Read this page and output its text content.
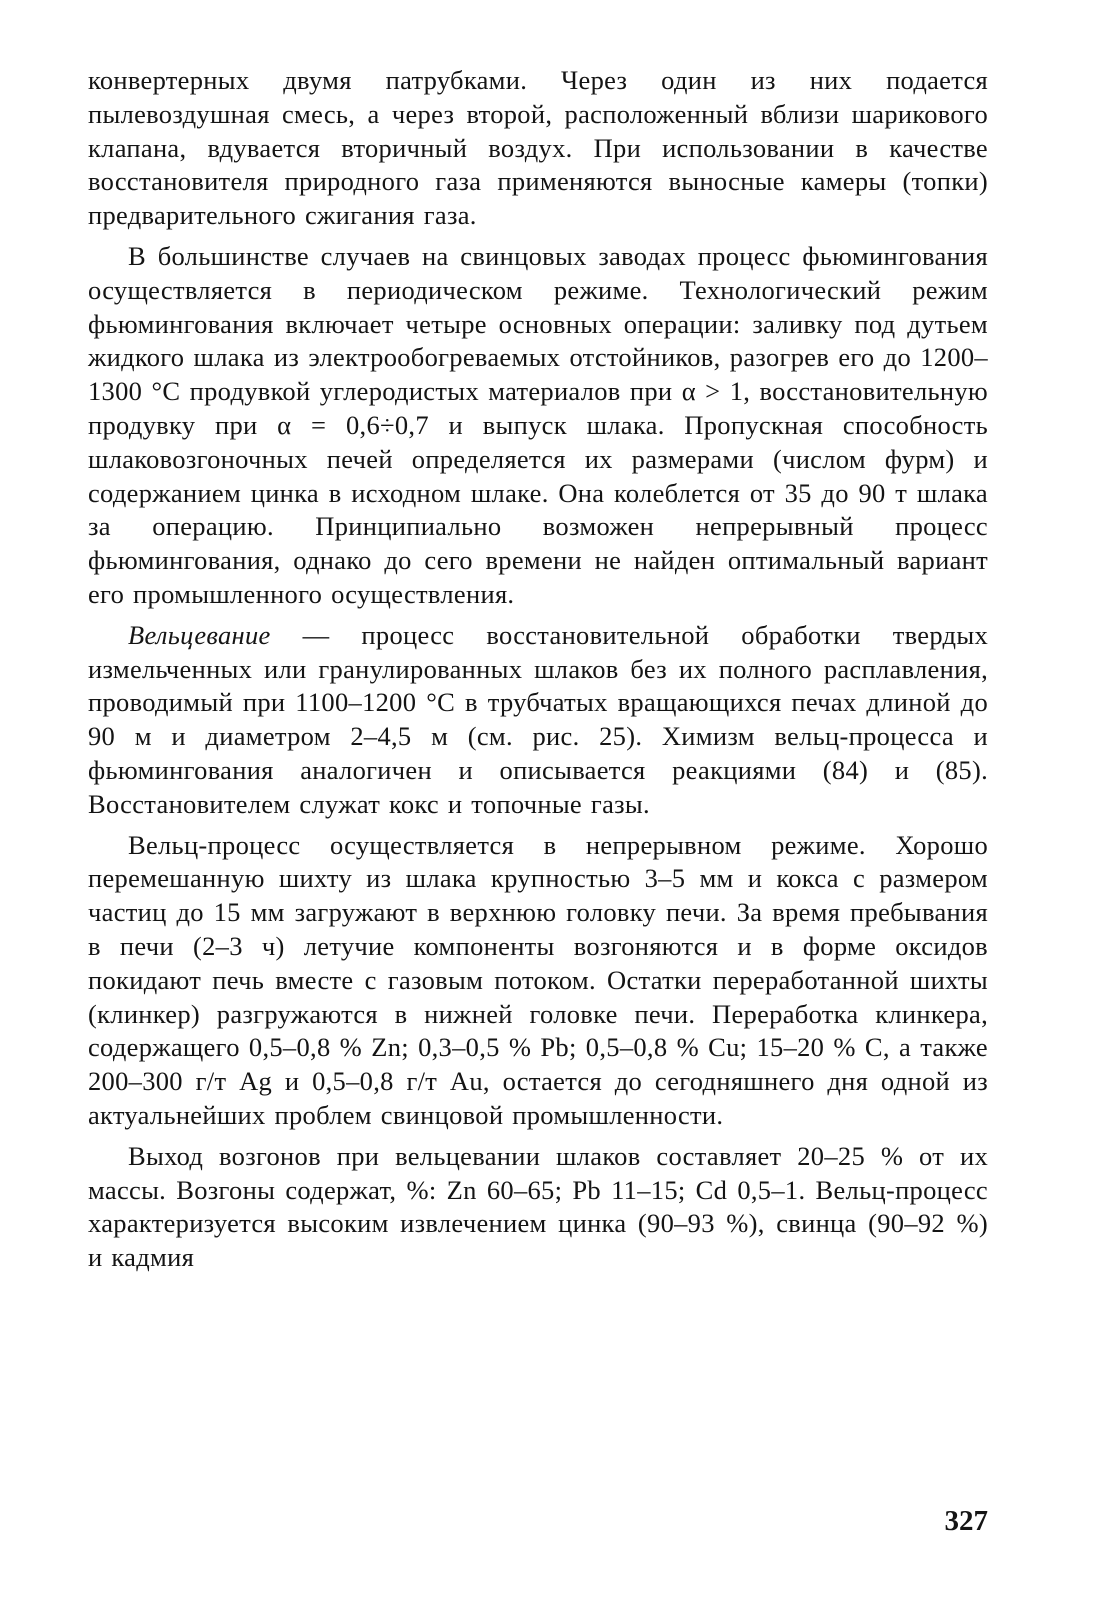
конвертерных двумя патрубками. Через один из них подается пылевоздушная смесь, а через второй, расположенный вблизи шарикового клапана, вдувается вторичный воздух. При использовании в качестве восстановителя природного газа применяются выносные камеры (топки) предварительного сжигания газа.

В большинстве случаев на свинцовых заводах процесс фьюмингования осуществляется в периодическом режиме. Технологический режим фьюмингования включает четыре основных операции: заливку под дутьем жидкого шлака из электрообогреваемых отстойников, разогрев его до 1200–1300 °C продувкой углеродистых материалов при α > 1, восстановительную продувку при α = 0,6÷0,7 и выпуск шлака. Пропускная способность шлаковозгоночных печей определяется их размерами (числом фурм) и содержанием цинка в исходном шлаке. Она колеблется от 35 до 90 т шлака за операцию. Принципиально возможен непрерывный процесс фьюмингования, однако до сего времени не найден оптимальный вариант его промышленного осуществления.

Вельцевание — процесс восстановительной обработки твердых измельченных или гранулированных шлаков без их полного расплавления, проводимый при 1100–1200 °C в трубчатых вращающихся печах длиной до 90 м и диаметром 2–4,5 м (см. рис. 25). Химизм вельц-процесса и фьюмингования аналогичен и описывается реакциями (84) и (85). Восстановителем служат кокс и топочные газы.

Вельц-процесс осуществляется в непрерывном режиме. Хорошо перемешанную шихту из шлака крупностью 3–5 мм и кокса с размером частиц до 15 мм загружают в верхнюю головку печи. За время пребывания в печи (2–3 ч) летучие компоненты возгоняются и в форме оксидов покидают печь вместе с газовым потоком. Остатки переработанной шихты (клинкер) разгружаются в нижней головке печи. Переработка клинкера, содержащего 0,5–0,8 % Zn; 0,3–0,5 % Pb; 0,5–0,8 % Cu; 15–20 % C, а также 200–300 г/т Ag и 0,5–0,8 г/т Au, остается до сегодняшнего дня одной из актуальнейших проблем свинцовой промышленности.

Выход возгонов при вельцевании шлаков составляет 20–25 % от их массы. Возгоны содержат, %: Zn 60–65; Pb 11–15; Cd 0,5–1. Вельц-процесс характеризуется высоким извлечением цинка (90–93 %), свинца (90–92 %) и кадмия

327
